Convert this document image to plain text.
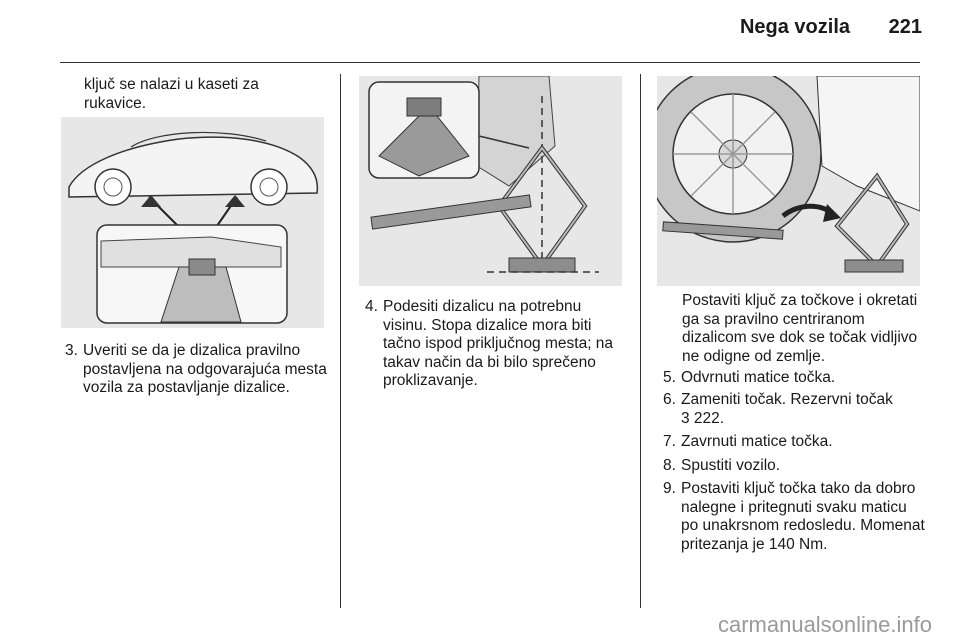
Nega vozila	221
ključ se nalazi u kaseti za rukavice.
3. Uveriti se da je dizalica pravilno postavljena na odgovarajuća mesta vozila za postavljanje dizalice.
4. Podesiti dizalicu na potrebnu visinu. Stopa dizalice mora biti tačno ispod priključnog mesta; na takav način da bi bilo sprečeno proklizavanje.
Postaviti ključ za točkove i okretati ga sa pravilno centriranom dizalicom sve dok se točak vidljivo ne odigne od zemlje.
5. Odvrnuti matice točka.
6. Zameniti točak. Rezervni točak
3 222.
7. Zavrnuti matice točka.
8. Spustiti vozilo.
9. Postaviti ključ točka tako da dobro nalegne i pritegnuti svaku maticu po unakrsnom redosledu. Momenat pritezanja je 140 Nm.
carmanualsonline.info
